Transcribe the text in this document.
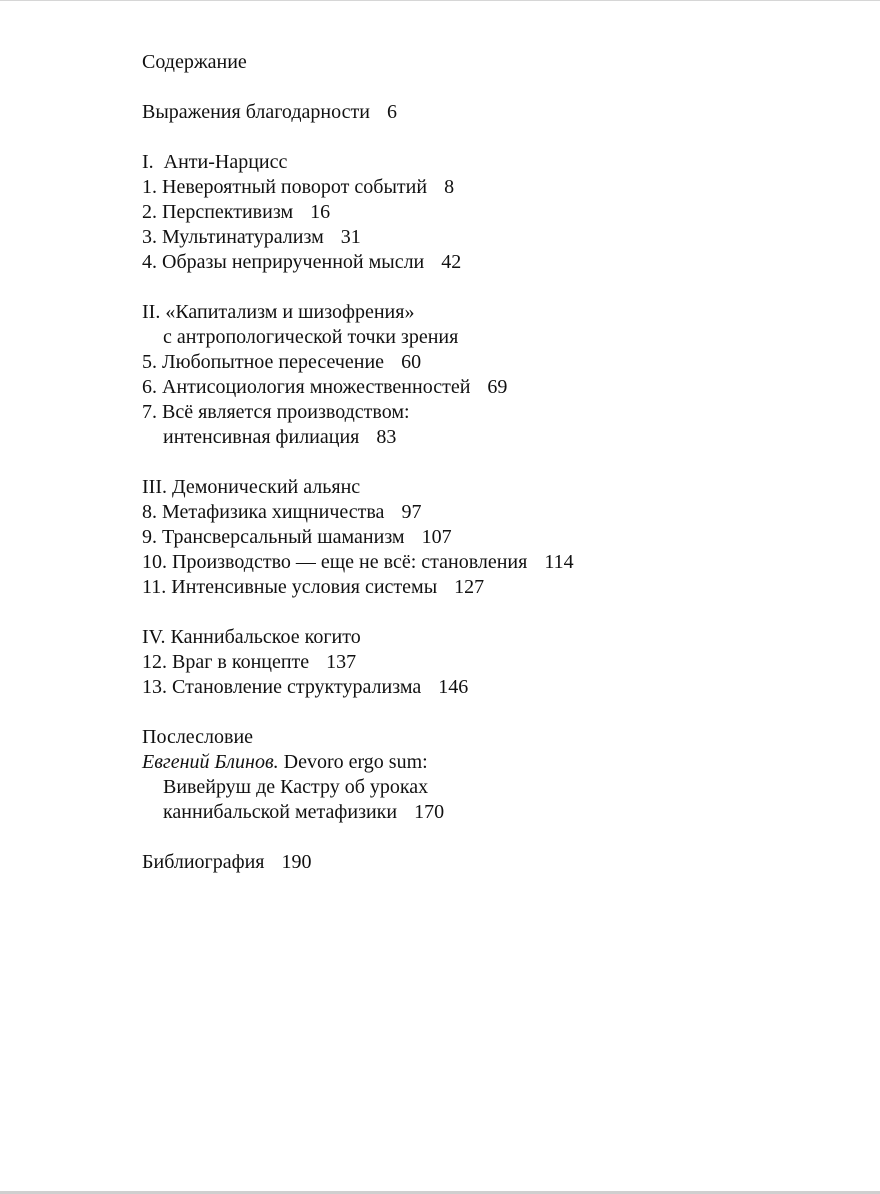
Содержание
Выражения благодарности 6
I.  Анти-Нарцисс
1. Невероятный поворот событий 8
2. Перспективизм 16
3. Мультинатурализм 31
4. Образы неприрученной мысли 42
II. «Капитализм и шизофрения»
с антропологической точки зрения
5. Любопытное пересечение 60
6. Антисоциология множественностей 69
7. Всё является производством:
интенсивная филиация 83
III. Демонический альянс
8. Метафизика хищничества 97
9. Трансверсальный шаманизм 107
10. Производство — еще не всё: становления 114
11. Интенсивные условия системы 127
IV. Каннибальское когито
12. Враг в концепте 137
13. Становление структурализма 146
Послесловие
Евгений Блинов. Devoro ergo sum:
Вивейруш де Кастру об уроках
каннибальской метафизики 170
Библиография 190
